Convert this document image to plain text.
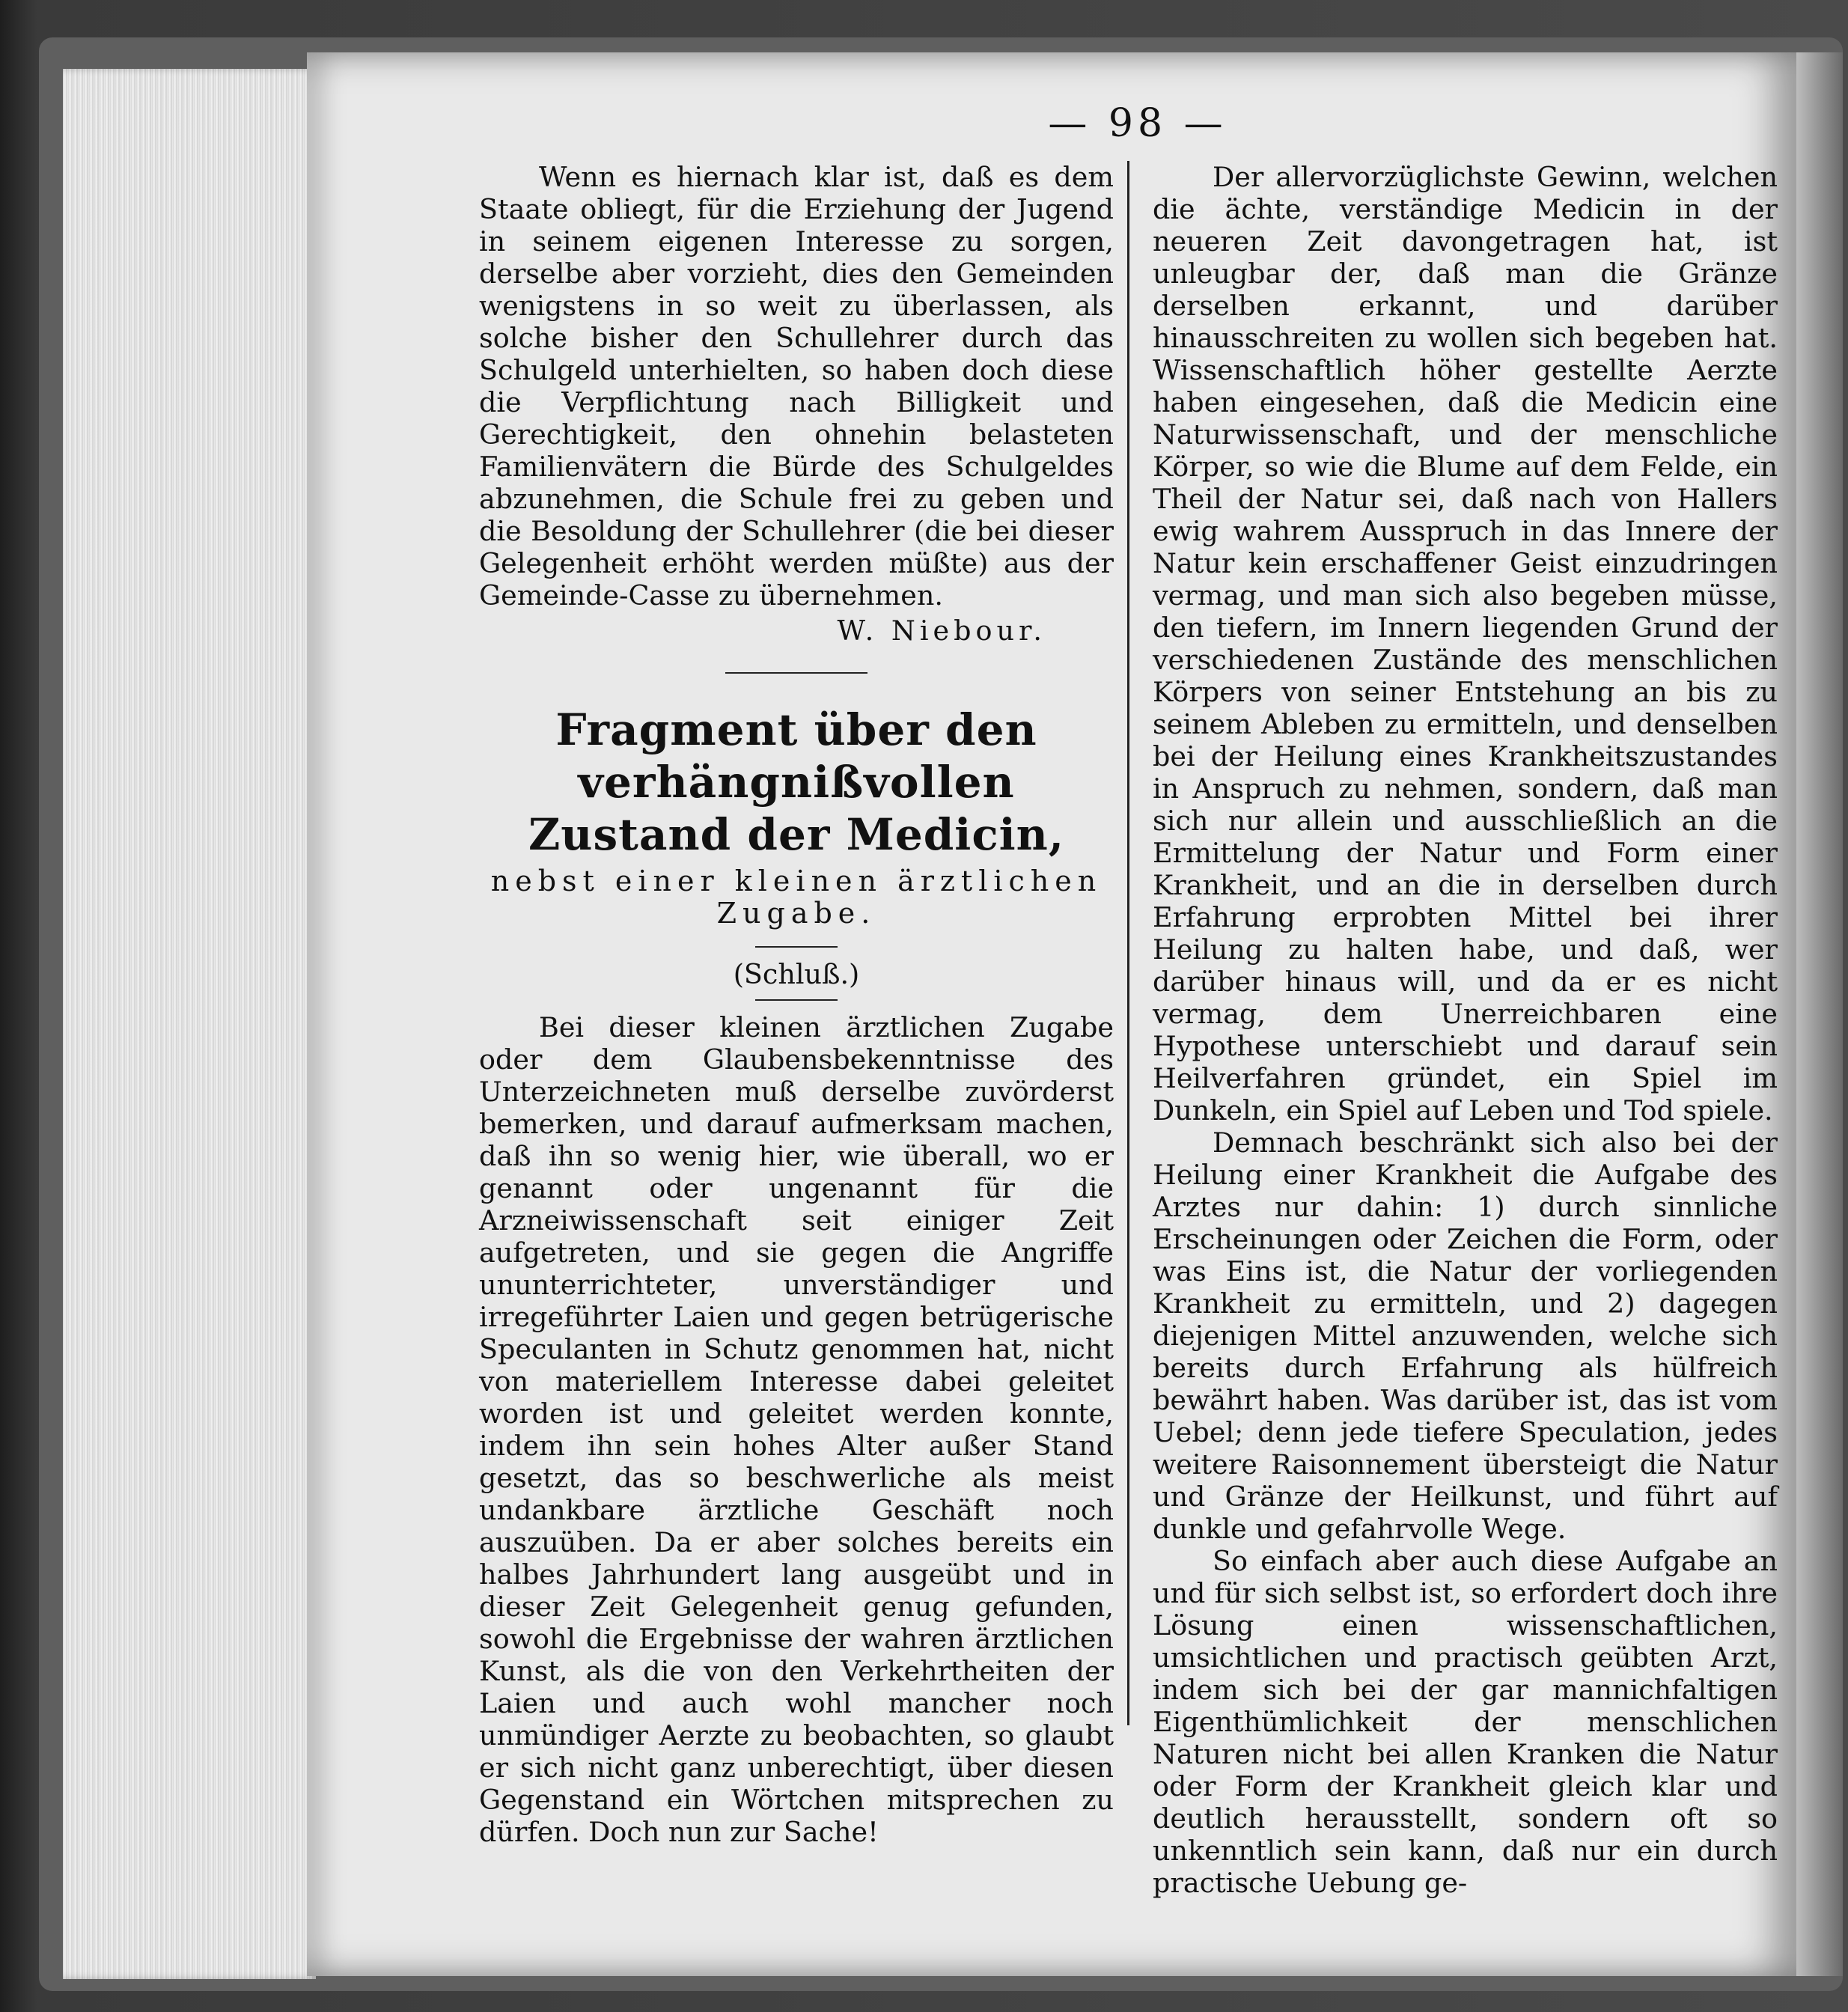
— 98 —

Wenn es hiernach klar ist, daß es dem Staate obliegt, für die Erziehung der Jugend in seinem eigenen Interesse zu sorgen, derselbe aber vorzieht, dies den Gemeinden wenigstens in so weit zu überlassen, als solche bisher den Schullehrer durch das Schulgeld unterhielten, so haben doch diese die Verpflichtung nach Billigkeit und Gerechtigkeit, den ohnehin belasteten Familienvätern die Bürde des Schulgeldes abzunehmen, die Schule frei zu geben und die Besoldung der Schullehrer (die bei dieser Gelegenheit erhöht werden müßte) aus der Gemeinde-Casse zu übernehmen.

W. Niebour.

Fragment über den verhängnißvollen Zustand der Medicin,

nebst einer kleinen ärztlichen Zugabe.

(Schluß.)

Bei dieser kleinen ärztlichen Zugabe oder dem Glaubensbekenntnisse des Unterzeichneten muß derselbe zuvörderst bemerken, und darauf aufmerksam machen, daß ihn so wenig hier, wie überall, wo er genannt oder ungenannt für die Arzneiwissenschaft seit einiger Zeit aufgetreten, und sie gegen die Angriffe ununterrichteter, unverständiger und irregeführter Laien und gegen betrügerische Speculanten in Schutz genommen hat, nicht von materiellem Interesse dabei geleitet worden ist und geleitet werden konnte, indem ihn sein hohes Alter außer Stand gesetzt, das so beschwerliche als meist undankbare ärztliche Geschäft noch auszuüben. Da er aber solches bereits ein halbes Jahrhundert lang ausgeübt und in dieser Zeit Gelegenheit genug gefunden, sowohl die Ergebnisse der wahren ärztlichen Kunst, als die von den Verkehrtheiten der Laien und auch wohl mancher noch unmündiger Aerzte zu beobachten, so glaubt er sich nicht ganz unberechtigt, über diesen Gegenstand ein Wörtchen mitsprechen zu dürfen. Doch nun zur Sache!

Der allervorzüglichste Gewinn, welchen die ächte, verständige Medicin in der neueren Zeit davongetragen hat, ist unleugbar der, daß man die Gränze derselben erkannt, und darüber hinausschreiten zu wollen sich begeben hat. Wissenschaftlich höher gestellte Aerzte haben eingesehen, daß die Medicin eine Naturwissenschaft, und der menschliche Körper, so wie die Blume auf dem Felde, ein Theil der Natur sei, daß nach von Hallers ewig wahrem Ausspruch in das Innere der Natur kein erschaffener Geist einzudringen vermag, und man sich also begeben müsse, den tiefern, im Innern liegenden Grund der verschiedenen Zustände des menschlichen Körpers von seiner Entstehung an bis zu seinem Ableben zu ermitteln, und denselben bei der Heilung eines Krankheitszustandes in Anspruch zu nehmen, sondern, daß man sich nur allein und ausschließlich an die Ermittelung der Natur und Form einer Krankheit, und an die in derselben durch Erfahrung erprobten Mittel bei ihrer Heilung zu halten habe, und daß, wer darüber hinaus will, und da er es nicht vermag, dem Unerreichbaren eine Hypothese unterschiebt und darauf sein Heilverfahren gründet, ein Spiel im Dunkeln, ein Spiel auf Leben und Tod spiele.

Demnach beschränkt sich also bei der Heilung einer Krankheit die Aufgabe des Arztes nur dahin: 1) durch sinnliche Erscheinungen oder Zeichen die Form, oder was Eins ist, die Natur der vorliegenden Krankheit zu ermitteln, und 2) dagegen diejenigen Mittel anzuwenden, welche sich bereits durch Erfahrung als hülfreich bewährt haben. Was darüber ist, das ist vom Uebel; denn jede tiefere Speculation, jedes weitere Raisonnement übersteigt die Natur und Gränze der Heilkunst, und führt auf dunkle und gefahrvolle Wege.

So einfach aber auch diese Aufgabe an und für sich selbst ist, so erfordert doch ihre Lösung einen wissenschaftlichen, umsichtlichen und practisch geübten Arzt, indem sich bei der gar mannichfaltigen Eigenthümlichkeit der menschlichen Naturen nicht bei allen Kranken die Natur oder Form der Krankheit gleich klar und deutlich herausstellt, sondern oft so unkenntlich sein kann, daß nur ein durch practische Uebung ge-
